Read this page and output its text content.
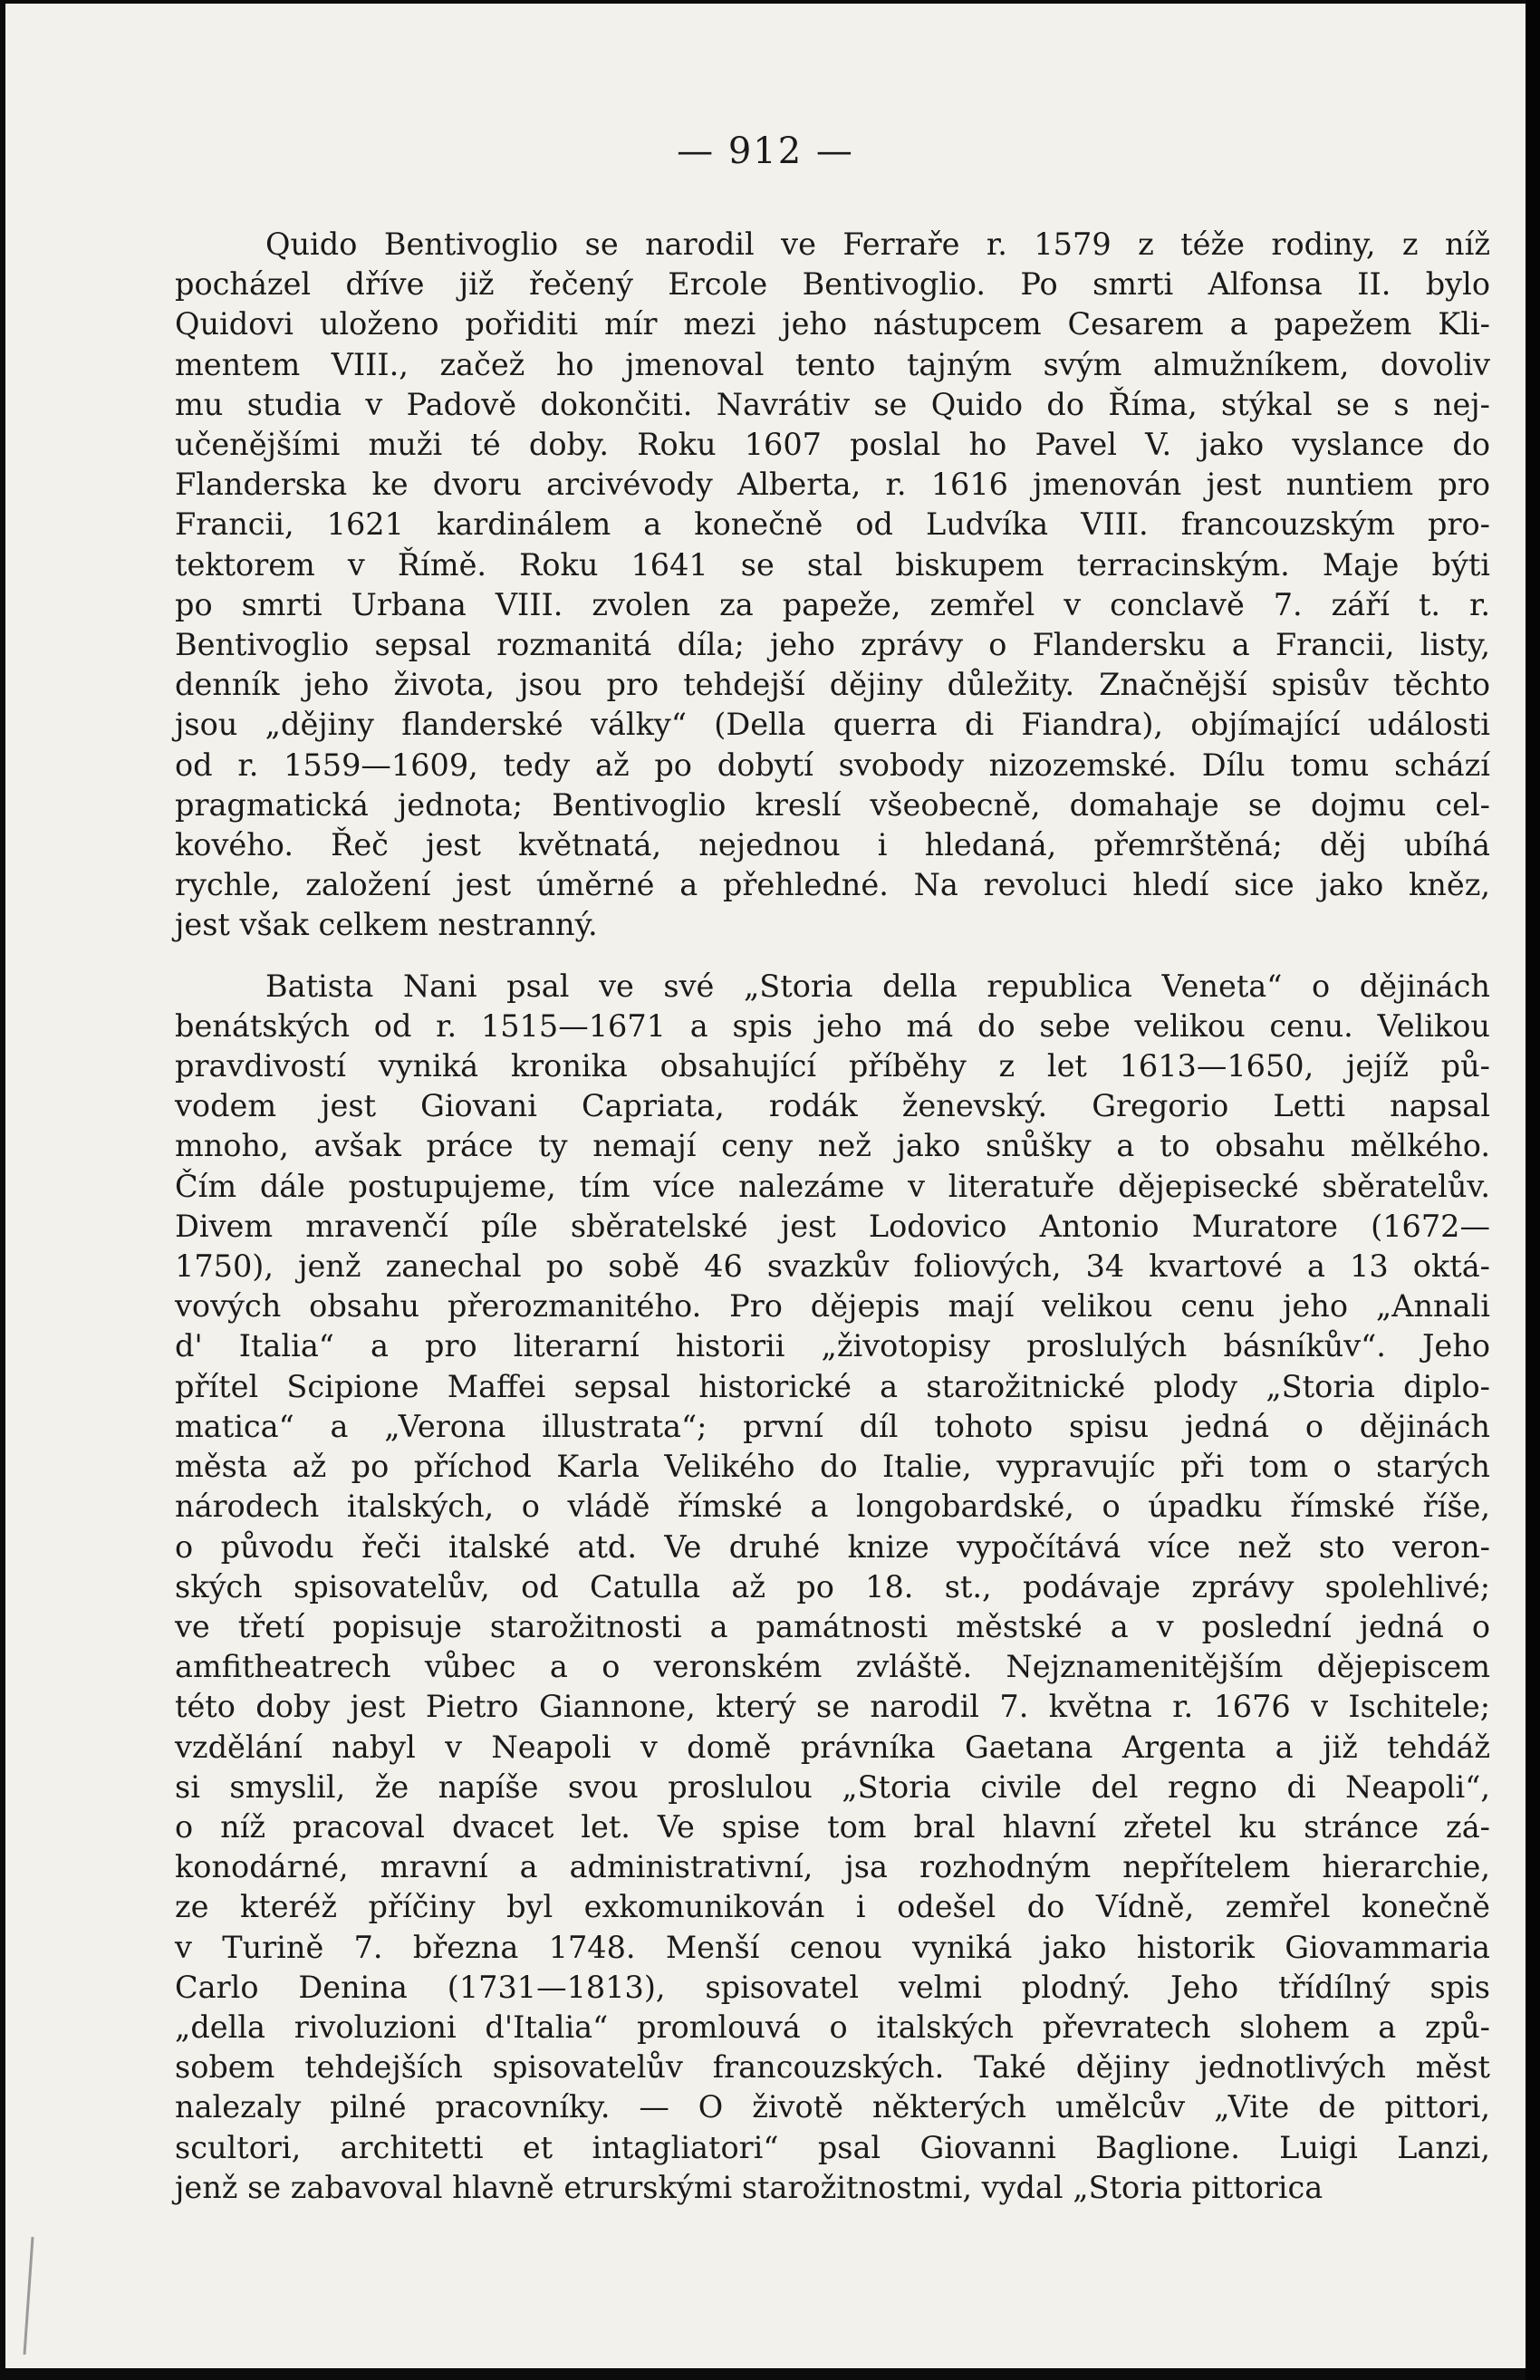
— 912 —

Quido Bentivoglio se narodil ve Ferraře r. 1579 z téže rodiny, z níž
pocházel dříve již řečený Ercole Bentivoglio. Po smrti Alfonsa II. bylo
Quidovi uloženo pořiditi mír mezi jeho nástupcem Cesarem a papežem Kli-
mentem VIII., začež ho jmenoval tento tajným svým almužníkem, dovoliv
mu studia v Padově dokončiti. Navrátiv se Quido do Říma, stýkal se s nej-
učenějšími muži té doby. Roku 1607 poslal ho Pavel V. jako vyslance do
Flanderska ke dvoru arcivévody Alberta, r. 1616 jmenován jest nuntiem pro
Francii, 1621 kardinálem a konečně od Ludvíka VIII. francouzským pro-
tektorem v Římě. Roku 1641 se stal biskupem terracinským. Maje býti
po smrti Urbana VIII. zvolen za papeže, zemřel v conclavě 7. září t. r.
Bentivoglio sepsal rozmanitá díla; jeho zprávy o Flandersku a Francii, listy,
denník jeho života, jsou pro tehdejší dějiny důležity. Značnější spisův těchto
jsou „dějiny flanderské války“ (Della querra di Fiandra), objímající události
od r. 1559—1609, tedy až po dobytí svobody nizozemské. Dílu tomu schází
pragmatická jednota; Bentivoglio kreslí všeobecně, domahaje se dojmu cel-
kového. Řeč jest květnatá, nejednou i hledaná, přemrštěná; děj ubíhá
rychle, založení jest úměrné a přehledné. Na revoluci hledí sice jako kněz,
jest však celkem nestranný.

Batista Nani psal ve své „Storia della republica Veneta“ o dějinách
benátských od r. 1515—1671 a spis jeho má do sebe velikou cenu. Velikou
pravdivostí vyniká kronika obsahující příběhy z let 1613—1650, jejíž pů-
vodem jest Giovani Capriata, rodák ženevský. Gregorio Letti napsal
mnoho, avšak práce ty nemají ceny než jako snůšky a to obsahu mělkého.
Čím dále postupujeme, tím více nalezáme v literatuře dějepisecké sběratelův.
Divem mravenčí píle sběratelské jest Lodovico Antonio Muratore (1672—
1750), jenž zanechal po sobě 46 svazkův foliových, 34 kvartové a 13 oktá-
vových obsahu přerozmanitého. Pro dějepis mají velikou cenu jeho „Annali
d' Italia“ a pro literarní historii „životopisy proslulých básníkův“. Jeho
přítel Scipione Maffei sepsal historické a starožitnické plody „Storia diplo-
matica“ a „Verona illustrata“; první díl tohoto spisu jedná o dějinách
města až po příchod Karla Velikého do Italie, vypravujíc při tom o starých
národech italských, o vládě římské a longobardské, o úpadku římské říše,
o původu řeči italské atd. Ve druhé knize vypočítává více než sto veron-
ských spisovatelův, od Catulla až po 18. st., podávaje zprávy spolehlivé;
ve třetí popisuje starožitnosti a památnosti městské a v poslední jedná o
amfitheatrech vůbec a o veronském zvláště. Nejznamenitějším dějepiscem
této doby jest Pietro Giannone, který se narodil 7. května r. 1676 v Ischitele;
vzdělání nabyl v Neapoli v domě právníka Gaetana Argenta a již tehdáž
si smyslil, že napíše svou proslulou „Storia civile del regno di Neapoli“,
o níž pracoval dvacet let. Ve spise tom bral hlavní zřetel ku stránce zá-
konodárné, mravní a administrativní, jsa rozhodným nepřítelem hierarchie,
ze kteréž příčiny byl exkomunikován i odešel do Vídně, zemřel konečně
v Turině 7. března 1748. Menší cenou vyniká jako historik Giovammaria
Carlo Denina (1731—1813), spisovatel velmi plodný. Jeho třídílný spis
„della rivoluzioni d'Italia“ promlouvá o italských převratech slohem a způ-
sobem tehdejších spisovatelův francouzských. Také dějiny jednotlivých měst
nalezaly pilné pracovníky. — O životě některých umělcův „Vite de pittori,
scultori, architetti et intagliatori“ psal Giovanni Baglione. Luigi Lanzi,
jenž se zabavoval hlavně etrurskými starožitnostmi, vydal „Storia pittorica
